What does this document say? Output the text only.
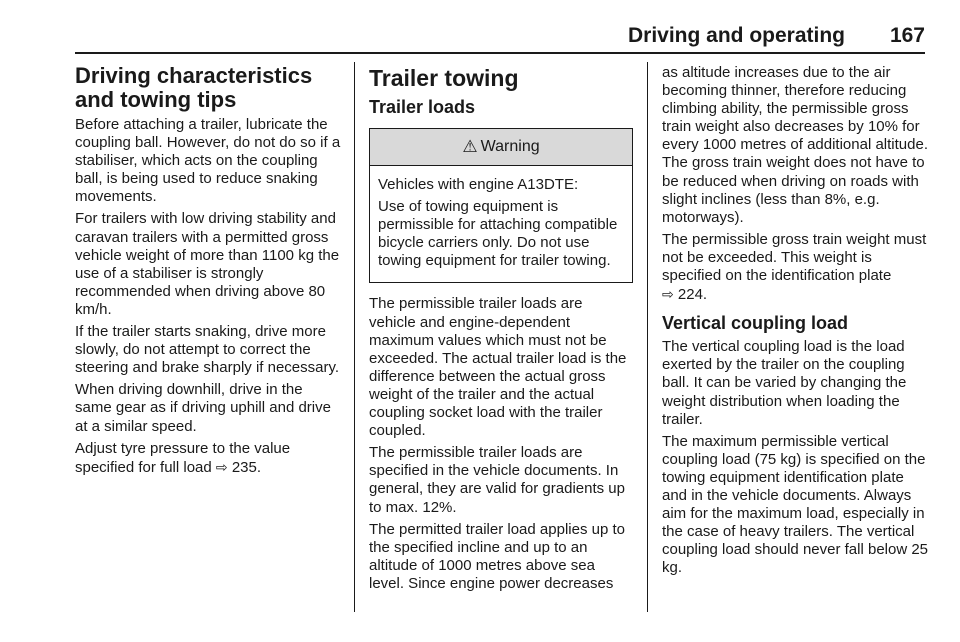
Driving and operating 167
Driving characteristics and towing tips

Before attaching a trailer, lubricate the coupling ball. However, do not do so if a stabiliser, which acts on the coupling ball, is being used to reduce snaking movements.

For trailers with low driving stability and caravan trailers with a permitted gross vehicle weight of more than 1100 kg the use of a stabiliser is strongly recommended when driving above 80 km/h.

If the trailer starts snaking, drive more slowly, do not attempt to correct the steering and brake sharply if necessary.

When driving downhill, drive in the same gear as if driving uphill and drive at a similar speed.

Adjust tyre pressure to the value specified for full load ⇨ 235.

Trailer towing
Trailer loads
⚠ Warning

Vehicles with engine A13DTE:

Use of towing equipment is permissible for attaching compatible bicycle carriers only. Do not use towing equipment for trailer towing.

The permissible trailer loads are vehicle and engine-dependent maximum values which must not be exceeded. The actual trailer load is the difference between the actual gross weight of the trailer and the actual coupling socket load with the trailer coupled.

The permissible trailer loads are specified in the vehicle documents. In general, they are valid for gradients up to max. 12%.

The permitted trailer load applies up to the specified incline and up to an altitude of 1000 metres above sea level. Since engine power decreases

as altitude increases due to the air becoming thinner, therefore reducing climbing ability, the permissible gross train weight also decreases by 10% for every 1000 metres of additional altitude. The gross train weight does not have to be reduced when driving on roads with slight inclines (less than 8%, e.g. motorways).

The permissible gross train weight must not be exceeded. This weight is specified on the identification plate
⇨ 224.

Vertical coupling load

The vertical coupling load is the load exerted by the trailer on the coupling ball. It can be varied by changing the weight distribution when loading the trailer.

The maximum permissible vertical coupling load (75 kg) is specified on the towing equipment identification plate and in the vehicle documents. Always aim for the maximum load, especially in the case of heavy trailers. The vertical coupling load should never fall below 25 kg.
